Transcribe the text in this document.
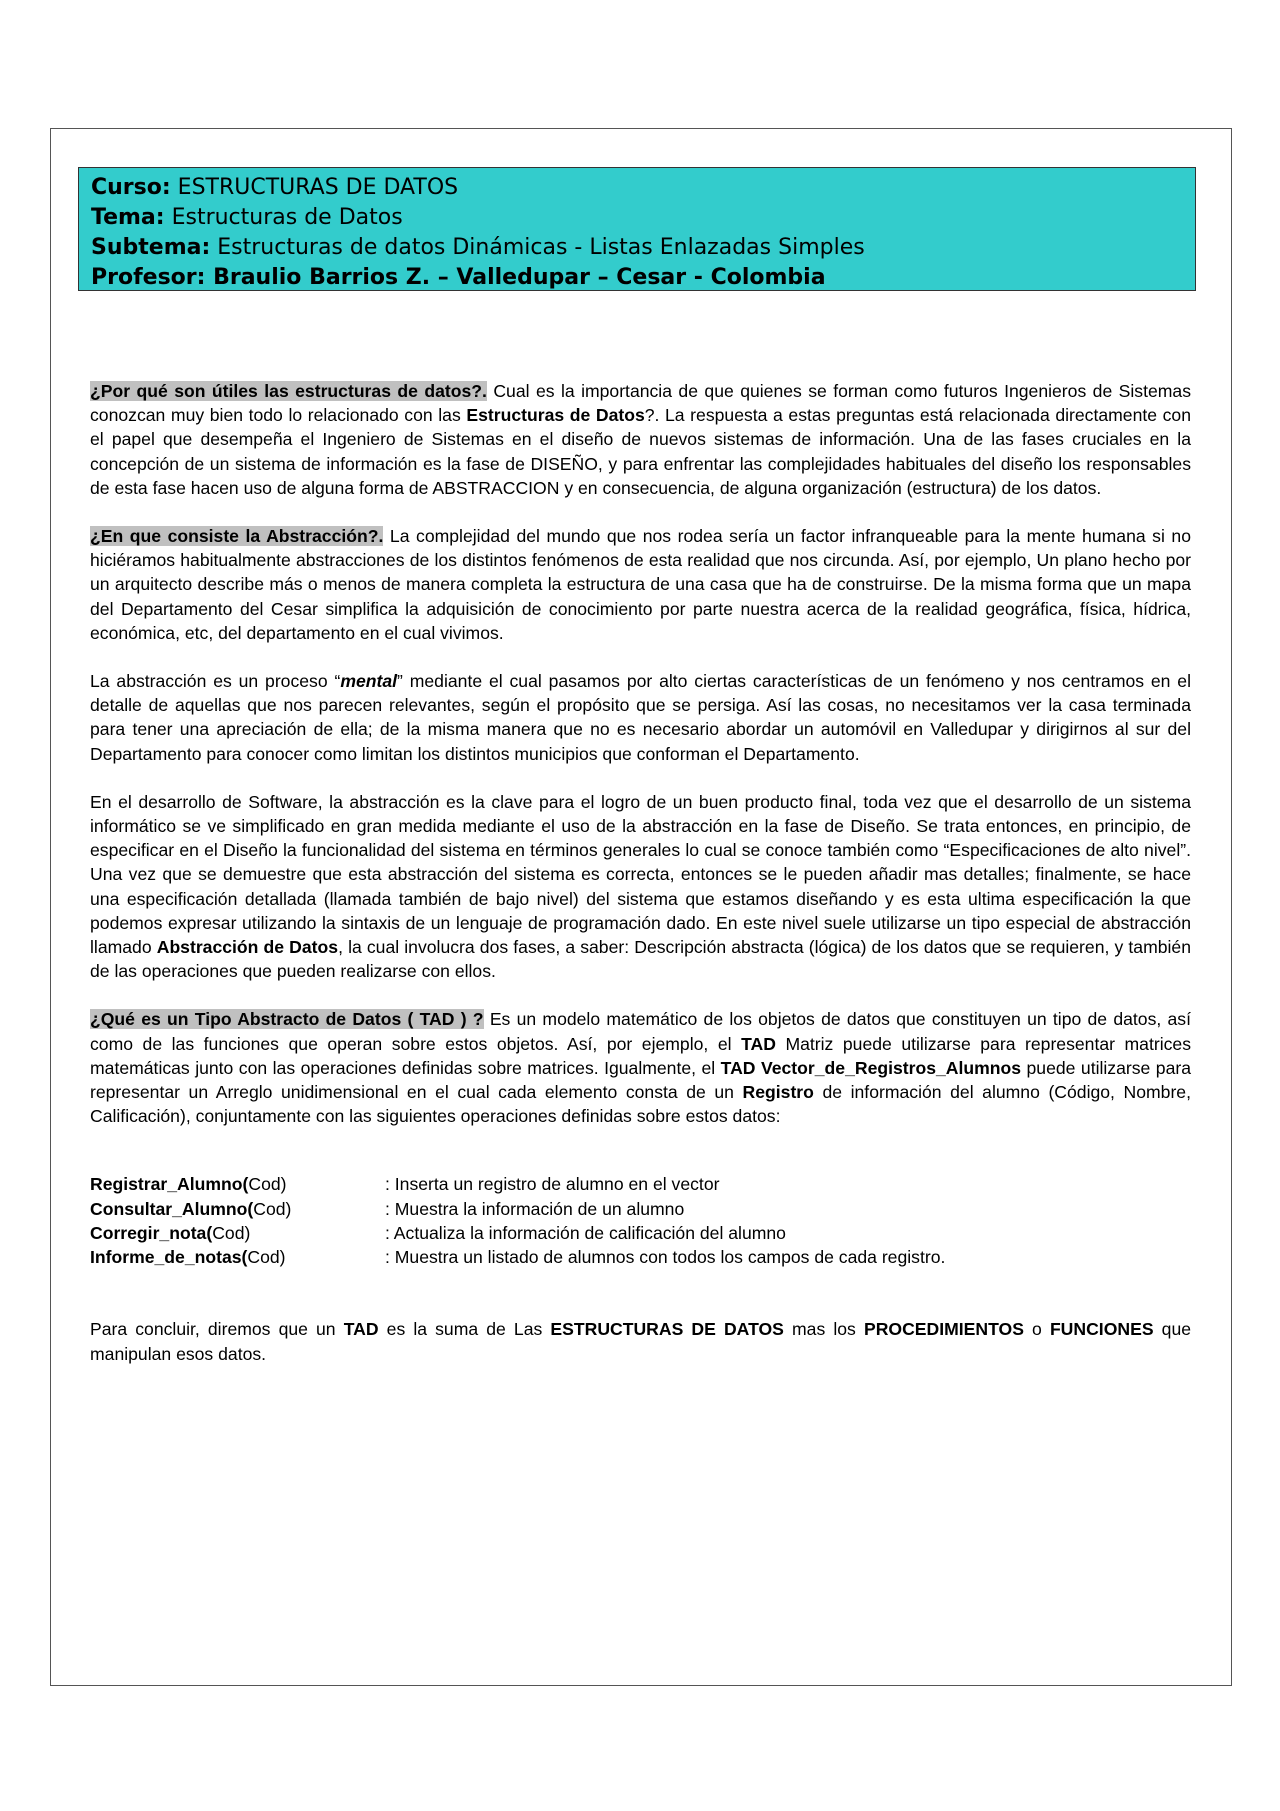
Curso: ESTRUCTURAS DE DATOS
Tema: Estructuras de Datos
Subtema: Estructuras de datos Dinámicas - Listas Enlazadas Simples
Profesor: Braulio Barrios Z. – Valledupar – Cesar - Colombia

¿Por qué son útiles las estructuras de datos?. Cual es la importancia de que quienes se forman como futuros Ingenieros de Sistemas conozcan muy bien todo lo relacionado con las Estructuras de Datos?. La respuesta a estas preguntas está relacionada directamente con el papel que desempeña el Ingeniero de Sistemas en el diseño de nuevos sistemas de información. Una de las fases cruciales en la concepción de un sistema de información es la fase de DISEÑO, y para enfrentar las complejidades habituales del diseño los responsables de esta fase hacen uso de alguna forma de ABSTRACCION y en consecuencia, de alguna organización (estructura) de los datos.

¿En que consiste la Abstracción?. La complejidad del mundo que nos rodea sería un factor infranqueable para la mente humana si no hiciéramos habitualmente abstracciones de los distintos fenómenos de esta realidad que nos circunda. Así, por ejemplo, Un plano hecho por un arquitecto describe más o menos de manera completa la estructura de una casa que ha de construirse. De la misma forma que un mapa del Departamento del Cesar simplifica la adquisición de conocimiento por parte nuestra acerca de la realidad geográfica, física, hídrica, económica, etc, del departamento en el cual vivimos.

La abstracción es un proceso “mental” mediante el cual pasamos por alto ciertas características de un fenómeno y nos centramos en el detalle de aquellas que nos parecen relevantes, según el propósito que se persiga. Así las cosas, no necesitamos ver la casa terminada para tener una apreciación de ella; de la misma manera que no es necesario abordar un automóvil en Valledupar y dirigirnos al sur del Departamento para conocer como limitan los distintos municipios que conforman el Departamento.

En el desarrollo de Software, la abstracción es la clave para el logro de un buen producto final, toda vez que el desarrollo de un sistema informático se ve simplificado en gran medida mediante el uso de la abstracción en la fase de Diseño. Se trata entonces, en principio, de especificar en el Diseño la funcionalidad del sistema en términos generales lo cual se conoce también como “Especificaciones de alto nivel”. Una vez que se demuestre que esta abstracción del sistema es correcta, entonces se le pueden añadir mas detalles; finalmente, se hace una especificación detallada (llamada también de bajo nivel) del sistema que estamos diseñando y es esta ultima especificación la que podemos expresar utilizando la sintaxis de un lenguaje de programación dado. En este nivel suele utilizarse un tipo especial de abstracción llamado Abstracción de Datos, la cual involucra dos fases, a saber: Descripción abstracta (lógica) de los datos que se requieren, y también de las operaciones que pueden realizarse con ellos.

¿Qué es un Tipo Abstracto de Datos ( TAD ) ? Es un modelo matemático de los objetos de datos que constituyen un tipo de datos, así como de las funciones que operan sobre estos objetos. Así, por ejemplo, el TAD Matriz puede utilizarse para representar matrices matemáticas junto con las operaciones definidas sobre matrices. Igualmente, el TAD Vector_de_Registros_Alumnos puede utilizarse para representar un Arreglo unidimensional en el cual cada elemento consta de un Registro de información del alumno (Código, Nombre, Calificación), conjuntamente con las siguientes operaciones definidas sobre estos datos:

Registrar_Alumno(Cod)	: Inserta un registro de alumno en el vector
Consultar_Alumno(Cod)	: Muestra la información de un alumno
Corregir_nota(Cod)	: Actualiza la información de calificación del alumno
Informe_de_notas(Cod)	: Muestra un listado de alumnos con todos los campos de cada registro.

Para concluir, diremos que un TAD es la suma de Las ESTRUCTURAS DE DATOS mas los PROCEDIMIENTOS o FUNCIONES que manipulan esos datos.
